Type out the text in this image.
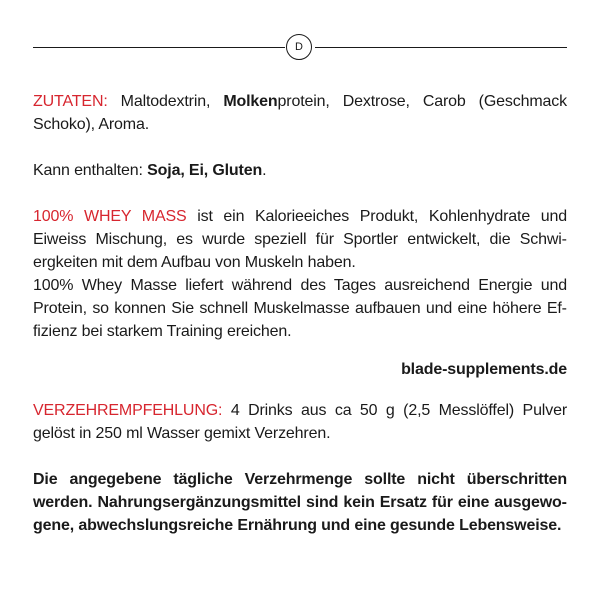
D

ZUTATEN: Maltodextrin, Molkenprotein, Dextrose, Carob (Geschmack Schoko), Aroma.

Kann enthalten: Soja, Ei, Gluten.

100% WHEY MASS ist ein Kalorieeiches Produkt, Kohlenhydrate und Eiweiss Mischung, es wurde speziell für Sportler entwickelt, die Schwiergkeiten mit dem Aufbau von Muskeln haben.

100% Whey Masse liefert während des Tages ausreichend Energie und Protein, so konnen Sie schnell Muskelmasse aufbauen und eine höhere Effizienz bei starkem Training ereichen.

blade-supplements.de

VERZEHREMPFEHLUNG: 4 Drinks aus ca 50 g (2,5 Messlöffel) Pulver gelöst in 250 ml Wasser gemixt Verzehren.

Die angegebene tägliche Verzehrmenge sollte nicht überschritten werden. Nahrungsergänzungsmittel sind kein Ersatz für eine ausgewogene, abwechslungsreiche Ernährung und eine gesunde Lebensweise.
